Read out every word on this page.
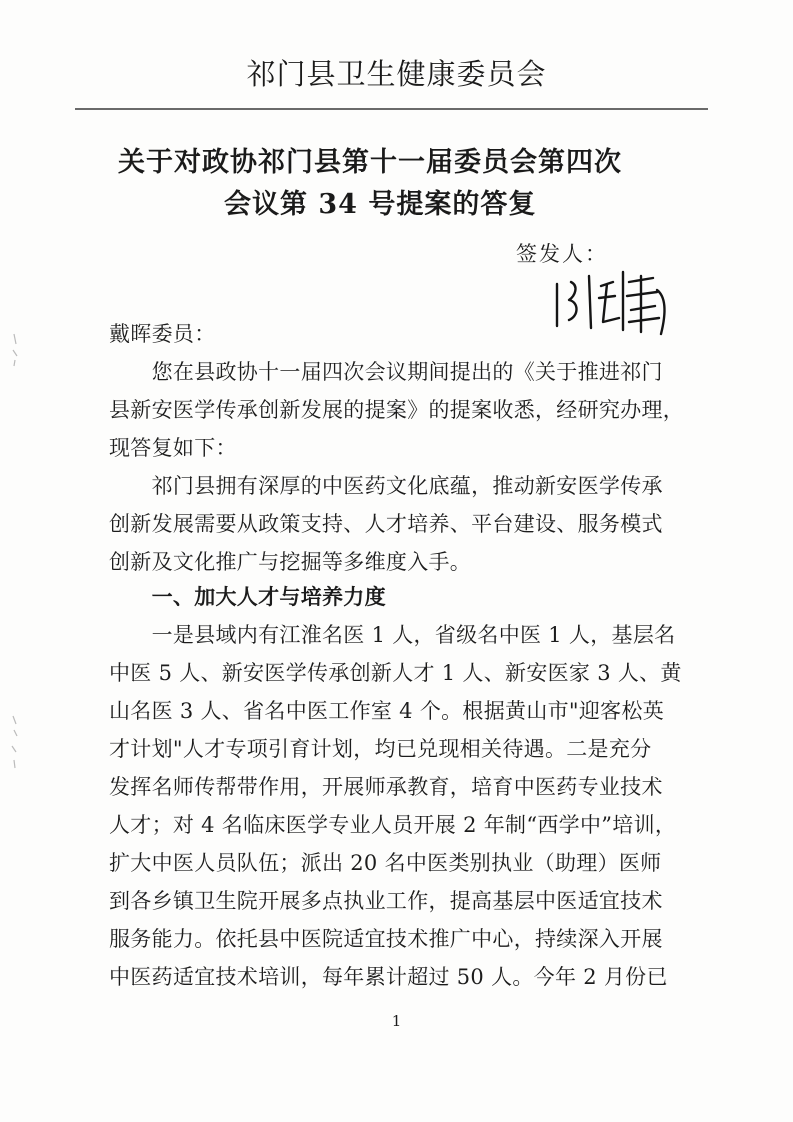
祁门县卫生健康委员会
关于对政协祁门县第十一届委员会第四次
会议第 34 号提案的答复
签发人：
戴晖委员：
　　您在县政协十一届四次会议期间提出的《关于推进祁门
县新安医学传承创新发展的提案》的提案收悉，经研究办理，
现答复如下：
　　祁门县拥有深厚的中医药文化底蕴，推动新安医学传承
创新发展需要从政策支持、人才培养、平台建设、服务模式
创新及文化推广与挖掘等多维度入手。
　　一、加大人才与培养力度
　　一是县域内有江淮名医 1 人，省级名中医 1 人，基层名
中医 5 人、新安医学传承创新人才 1 人、新安医家 3 人、黄
山名医 3 人、省名中医工作室 4 个。根据黄山市"迎客松英
才计划"人才专项引育计划，均已兑现相关待遇。二是充分
发挥名师传帮带作用，开展师承教育，培育中医药专业技术
人才；对 4 名临床医学专业人员开展 2 年制“西学中”培训，
扩大中医人员队伍；派出 20 名中医类别执业（助理）医师
到各乡镇卫生院开展多点执业工作，提高基层中医适宜技术
服务能力。依托县中医院适宜技术推广中心，持续深入开展
中医药适宜技术培训，每年累计超过 50 人。今年 2 月份已
1
